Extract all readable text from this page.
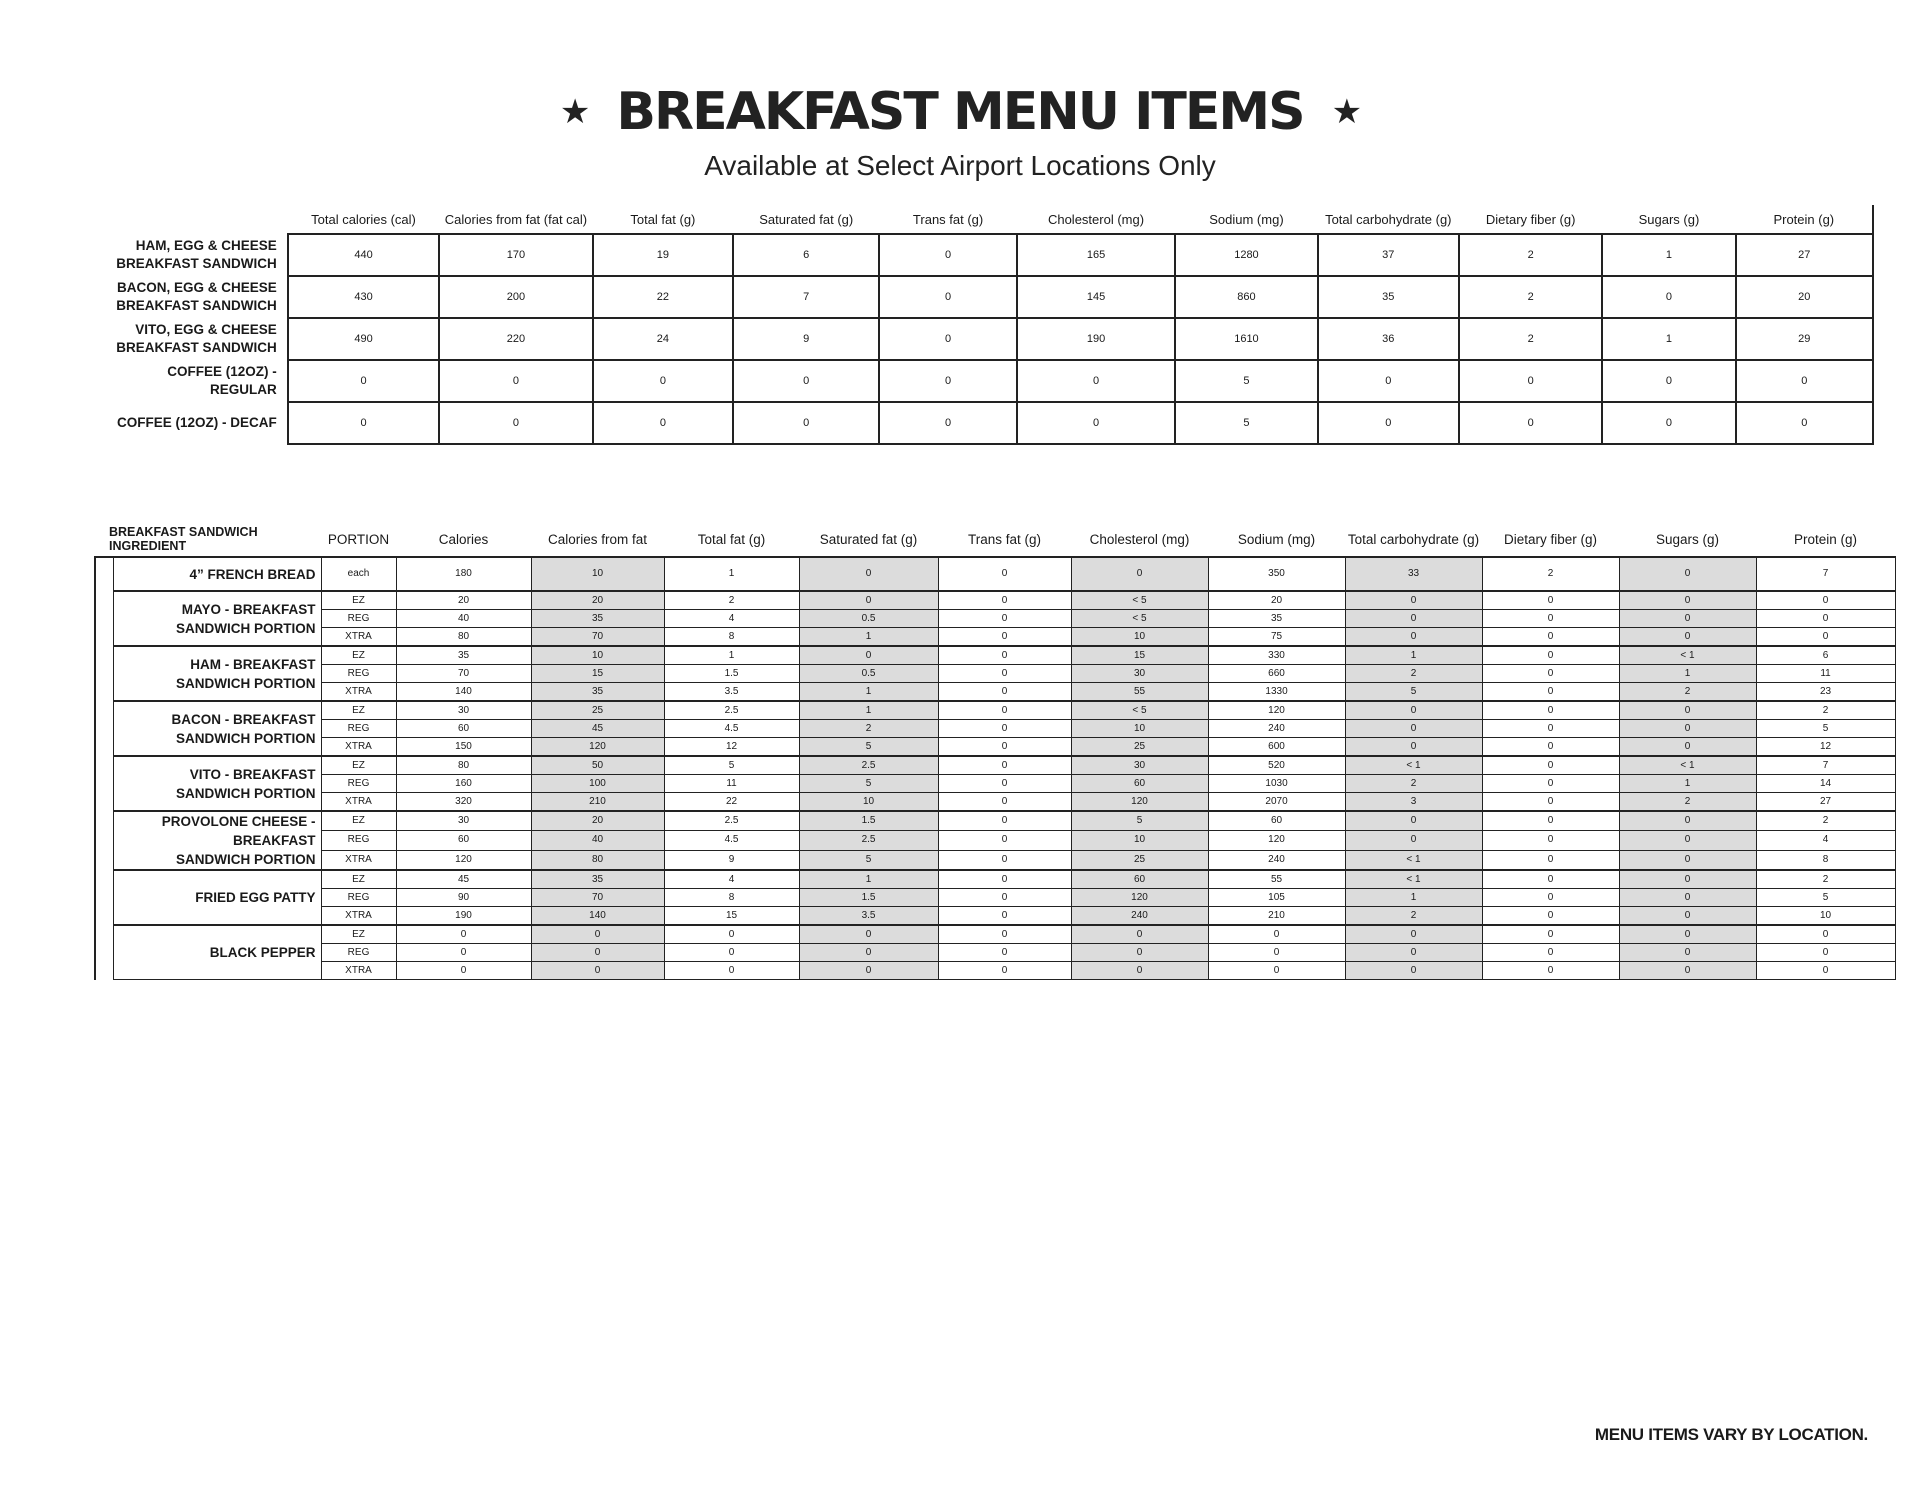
★ BREAKFAST MENU ITEMS ★
Available at Select Airport Locations Only
	Total calories (cal)	Calories from fat (fat cal)	Total fat (g)	Saturated fat (g)	Trans fat (g)	Cholesterol (mg)	Sodium (mg)	Total carbohydrate (g)	Dietary fiber (g)	Sugars (g)	Protein (g)
HAM, EGG & CHEESE
BREAKFAST SANDWICH	440	170	19	6	0	165	1280	37	2	1	27
BACON, EGG & CHEESE
BREAKFAST SANDWICH	430	200	22	7	0	145	860	35	2	0	20
VITO, EGG & CHEESE
BREAKFAST SANDWICH	490	220	24	9	0	190	1610	36	2	1	29
COFFEE (12OZ) - REGULAR	0	0	0	0	0	0	5	0	0	0	0
COFFEE (12OZ) - DECAF	0	0	0	0	0	0	5	0	0	0	0
BREAKFAST SANDWICH INGREDIENT		PORTION	Calories	Calories from fat	Total fat (g)	Saturated fat (g)	Trans fat (g)	Cholesterol (mg)	Sodium (mg)	Total carbohydrate (g)	Dietary fiber (g)	Sugars (g)	Protein (g)
	4” FRENCH BREAD	each	180	10	1	0	0	0	350	33	2	0	7
	MAYO - BREAKFAST
SANDWICH PORTION	EZ	20	20	2	0	0	< 5	20	0	0	0	0
		REG	40	35	4	0.5	0	< 5	35	0	0	0	0
		XTRA	80	70	8	1	0	10	75	0	0	0	0
	HAM - BREAKFAST
SANDWICH PORTION	EZ	35	10	1	0	0	15	330	1	0	< 1	6
		REG	70	15	1.5	0.5	0	30	660	2	0	1	11
		XTRA	140	35	3.5	1	0	55	1330	5	0	2	23
	BACON - BREAKFAST
SANDWICH PORTION	EZ	30	25	2.5	1	0	< 5	120	0	0	0	2
		REG	60	45	4.5	2	0	10	240	0	0	0	5
		XTRA	150	120	12	5	0	25	600	0	0	0	12
	VITO - BREAKFAST
SANDWICH PORTION	EZ	80	50	5	2.5	0	30	520	< 1	0	< 1	7
		REG	160	100	11	5	0	60	1030	2	0	1	14
		XTRA	320	210	22	10	0	120	2070	3	0	2	27
	PROVOLONE CHEESE - BREAKFAST
SANDWICH PORTION	EZ	30	20	2.5	1.5	0	5	60	0	0	0	2
		REG	60	40	4.5	2.5	0	10	120	0	0	0	4
		XTRA	120	80	9	5	0	25	240	< 1	0	0	8
	FRIED EGG PATTY	EZ	45	35	4	1	0	60	55	< 1	0	0	2
		REG	90	70	8	1.5	0	120	105	1	0	0	5
		XTRA	190	140	15	3.5	0	240	210	2	0	0	10
	BLACK PEPPER	EZ	0	0	0	0	0	0	0	0	0	0	0
		REG	0	0	0	0	0	0	0	0	0	0	0
		XTRA	0	0	0	0	0	0	0	0	0	0	0
MENU ITEMS VARY BY LOCATION.
